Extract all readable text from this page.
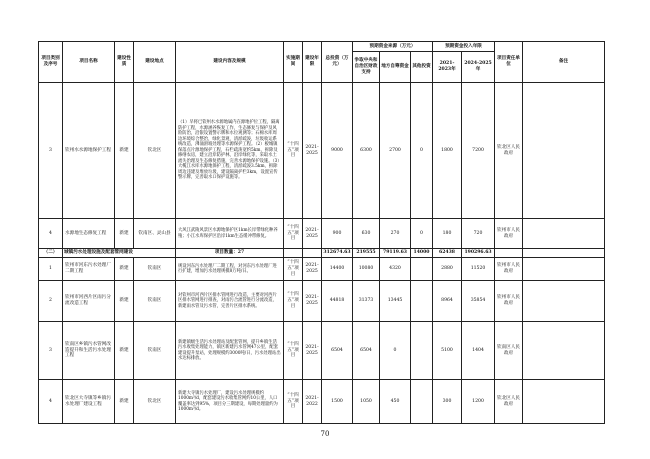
项目类别及序号	项目名称	建设性质	建设地点	建设内容及规模	实施期间	建设年限	总投资（万元）	预期资金来源（万元）			预期资金投入年限		项目责任单位	备注
								争取中央和自治区财政支持	地方自筹资金	其他投资	2021-2023年	2024-2025年		

3	钦州水水源地保护工程	新建	钦北区	（1）早将已钦州水水源地属内在源地护位工程，隔离防护工程，水源涵养恢复工作，生态修复与保护及风险防治，沿银设置警示牌和水位观测等；石棉水库周边环境综合整治，绿化景观，清淤疏浚，垃圾收运系统改造，沸涌滑坡处理等水源保护工程。（2）板城镇保落点片源地保护工程，石栏疏浚宽约5km，拆除及修缮农房，建立沿岸防护林，沿岸绿化等，采取水土流失治理及生态修复措施，完善水源地保护设施。（3）大榄江水库水源地保护工程，清淤疏浚3.5km，拆除周边违建及堆放垃圾，建设隔离护栏3km，设置宣传警示牌，完善取水口保护设施等。	“十四五”项目	2021-2025	9000	6300	2700	0	1800	7200	钦北区人民政府	
4	水源地生态修复工程	新建	钦南区、灵山县	大风江武陵风景区水源地保护区1km长岸带绿化种养殖；小江水库保护区沿岸1km生态缓冲带修复。	“十四五”项目	2021-2025	900	630	270	0	180	720	钦州市人民政府	
（二）	城镇污水处理设施及配套管网建设			项目数量：27			312674.63	219555	79119.63	14000	62438	190296.63		
1	钦州市河东污水处理厂二期工程	新建	钦南区	规设河东污水处理厂二期工程，对河东污水处理厂进行扩建，增加污水处理规模8万吨/日。	“十四五”项目	2021-2025	14400	10080	4320		2880	11520	钦州市人民政府	
2	钦州市河西片区雨污分流改造工程	新建	钦南区	对钦州市河西片区排水管网进行改造，主要对河西片区排水管网进行排查，对雨污合流管进行分流改造，新建雨水管及污水管，完善片区排水系统。	“十四五”项目	2021-2025	44818	31373	13445		8964	35854	钦州市人民政府	
3	钦南区乡镇污水管网改造提升和生活污水处理工程	新建	钦南区	新建镇级生活污水处理站及配套管网，提升乡镇生活污水收集处理能力，镇区新建污水管网47公里，配套建设提升泵站，处理规模约3000吨/日，污水处理站出水达标排放。	“十四五”项目	2021-2025	6504	6504	0		5100	1404	钦南区人民政府	
4	钦北区大寺镇等乡镇污水处理厂建设工程	新建	钦北区	新建大寺镇污水处理厂，建设污水处理规模约1000m³/d，配套建设污水收集管网约10公里，人口覆盖率达到95%，项目分三期建设，每期处理量约为1000m³/d。	“十四五”项目	2021-2022	1500	1050	450		300	1200	钦北区人民政府	
70
